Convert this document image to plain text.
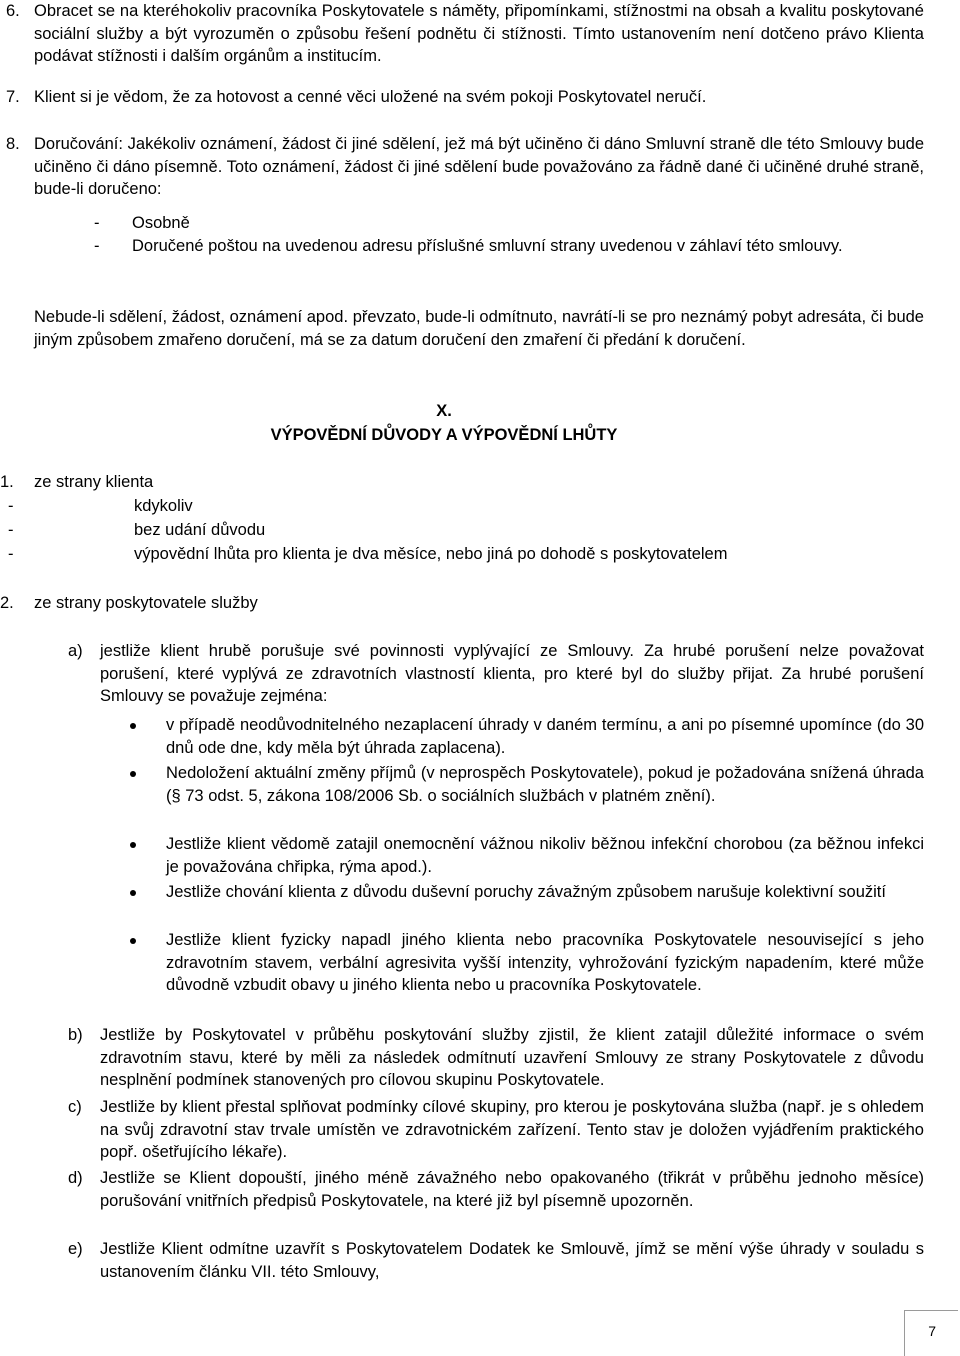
6. Obracet se na kteréhokoliv pracovníka Poskytovatele s náměty, připomínkami, stížnostmi na obsah a kvalitu poskytované sociální služby a být vyrozuměn o způsobu řešení podnětu či stížnosti. Tímto ustanovením není dotčeno právo Klienta podávat stížnosti i dalším orgánům a institucím.
7. Klient si je vědom, že za hotovost a cenné věci uložené na svém pokoji Poskytovatel neručí.
8. Doručování: Jakékoliv oznámení, žádost či jiné sdělení, jež má být učiněno či dáno Smluvní straně dle této Smlouvy bude učiněno či dáno písemně. Toto oznámení, žádost či jiné sdělení bude považováno za řádně dané či učiněné druhé straně, bude-li doručeno:
-	Osobně
-	Doručené poštou na uvedenou adresu příslušné smluvní strany uvedenou v záhlaví této smlouvy.
Nebude-li sdělení, žádost, oznámení apod. převzato, bude-li odmítnuto, navrátí-li se pro neznámý pobyt adresáta, či bude jiným způsobem zmařeno doručení, má se za datum doručení den zmaření či předání k doručení.
X.
VÝPOVĚDNÍ DŮVODY A VÝPOVĚDNÍ LHŮTY
1.	ze strany klienta
-	kdykoliv
-	bez udání důvodu
-	výpovědní lhůta pro klienta je dva měsíce, nebo jiná po dohodě s poskytovatelem
2.	ze strany poskytovatele služby
a)	jestliže klient hrubě porušuje své povinnosti vyplývající ze Smlouvy. Za hrubé porušení nelze považovat porušení, které vyplývá ze zdravotních vlastností klienta, pro které byl do služby přijat. Za hrubé porušení Smlouvy se považuje zejména:
v případě neodůvodnitelného nezaplacení úhrady v daném termínu, a ani po písemné upomínce (do 30 dnů ode dne, kdy měla být úhrada zaplacena).
Nedoložení aktuální změny příjmů (v neprospěch Poskytovatele), pokud je požadována snížená úhrada (§ 73 odst. 5, zákona 108/2006 Sb. o sociálních službách v platném znění).
Jestliže klient vědomě zatajil onemocnění vážnou nikoliv běžnou infekční chorobou (za běžnou infekci je považována chřipka, rýma apod.).
Jestliže chování klienta z důvodu duševní poruchy závažným způsobem narušuje kolektivní soužití
Jestliže klient fyzicky napadl jiného klienta nebo pracovníka Poskytovatele nesouvisející s jeho zdravotním stavem, verbální agresivita vyšší intenzity, vyhrožování fyzickým napadením, které může důvodně vzbudit obavy u jiného klienta nebo u pracovníka Poskytovatele.
b)	Jestliže by Poskytovatel v průběhu poskytování služby zjistil, že klient zatajil důležité informace o svém zdravotním stavu, které by měli za následek odmítnutí uzavření Smlouvy ze strany Poskytovatele z důvodu nesplnění podmínek stanovených pro cílovou skupinu Poskytovatele.
c)	Jestliže by klient přestal splňovat podmínky cílové skupiny, pro kterou je poskytována služba (např. je s ohledem na svůj zdravotní stav trvale umístěn ve zdravotnickém zařízení. Tento stav je doložen vyjádřením praktického popř. ošetřujícího lékaře).
d)	Jestliže se Klient dopouští, jiného méně závažného nebo opakovaného (třikrát v průběhu jednoho měsíce) porušování vnitřních předpisů Poskytovatele, na které již byl písemně upozorněn.
e)	Jestliže Klient odmítne uzavřít s Poskytovatelem Dodatek ke Smlouvě, jímž se mění výše úhrady v souladu s ustanovením článku VII. této Smlouvy,
7
